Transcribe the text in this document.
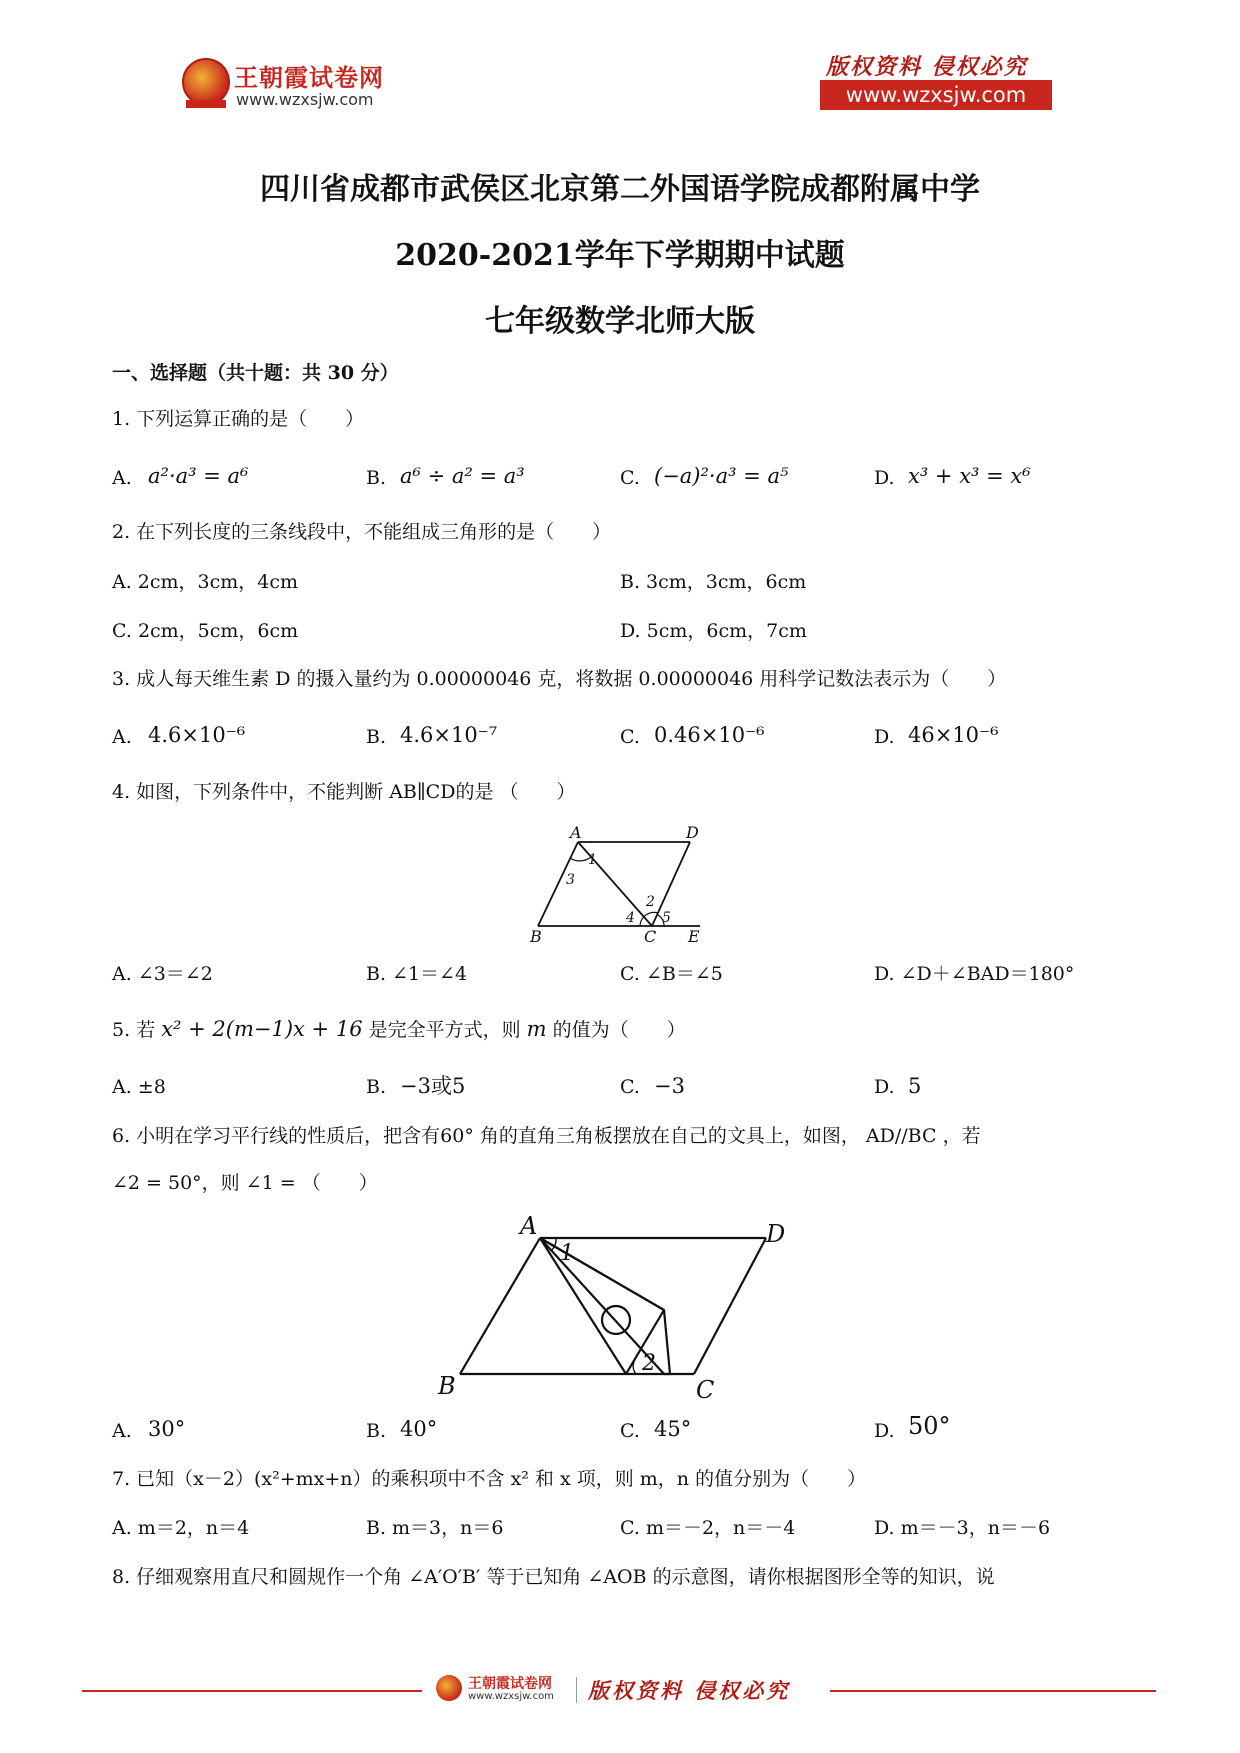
王朝霞试卷网
www.wzxsjw.com
版权资料 侵权必究
www.wzxsjw.com
四川省成都市武侯区北京第二外国语学院成都附属中学
2020-2021学年下学期期中试题
七年级数学北师大版
一、选择题（共十题：共 30 分）
1. 下列运算正确的是（　　）
A. a²·a³ = a⁶	B. a⁶ ÷ a² = a³	C. (−a)²·a³ = a⁵	D. x³ + x³ = x⁶
2. 在下列长度的三条线段中，不能组成三角形的是（　　）
A. 2cm，3cm，4cm	B. 3cm，3cm，6cm
C. 2cm，5cm，6cm	D. 5cm，6cm，7cm
3. 成人每天维生素 D 的摄入量约为 0.00000046 克，将数据 0.00000046 用科学记数法表示为（　　）
A. 4.6×10⁻⁶	B. 4.6×10⁻⁷	C. 0.46×10⁻⁶	D. 46×10⁻⁶
4. 如图，下列条件中，不能判断 AB∥CD的是 （　　）
A	D
B	C E
1
3
2
4 5
A. ∠3＝∠2	B. ∠1＝∠4	C. ∠B＝∠5	D. ∠D＋∠BAD＝180°
5. 若 x² + 2(m−1)x + 16 是完全平方式，则 m 的值为（　　）
A. ±8	B. −3或5	C. −3	D. 5
6. 小明在学习平行线的性质后，把含有60° 角的直角三角板摆放在自己的文具上，如图， AD//BC ，若
∠2 = 50°，则 ∠1 = （　　）
A	D
B	C
1
2
A. 30°	B. 40°	C. 45°	D. 50°
7. 已知（x－2）(x²+mx+n）的乘积项中不含 x² 和 x 项，则 m，n 的值分别为（　　）
A. m＝2，n＝4	B. m＝3，n＝6	C. m＝－2，n＝－4	D. m＝－3，n＝－6
8. 仔细观察用直尺和圆规作一个角 ∠A′O′B′ 等于已知角 ∠AOB 的示意图，请你根据图形全等的知识，说
王朝霞试卷网
www.wzxsjw.com 版权资料 侵权必究
